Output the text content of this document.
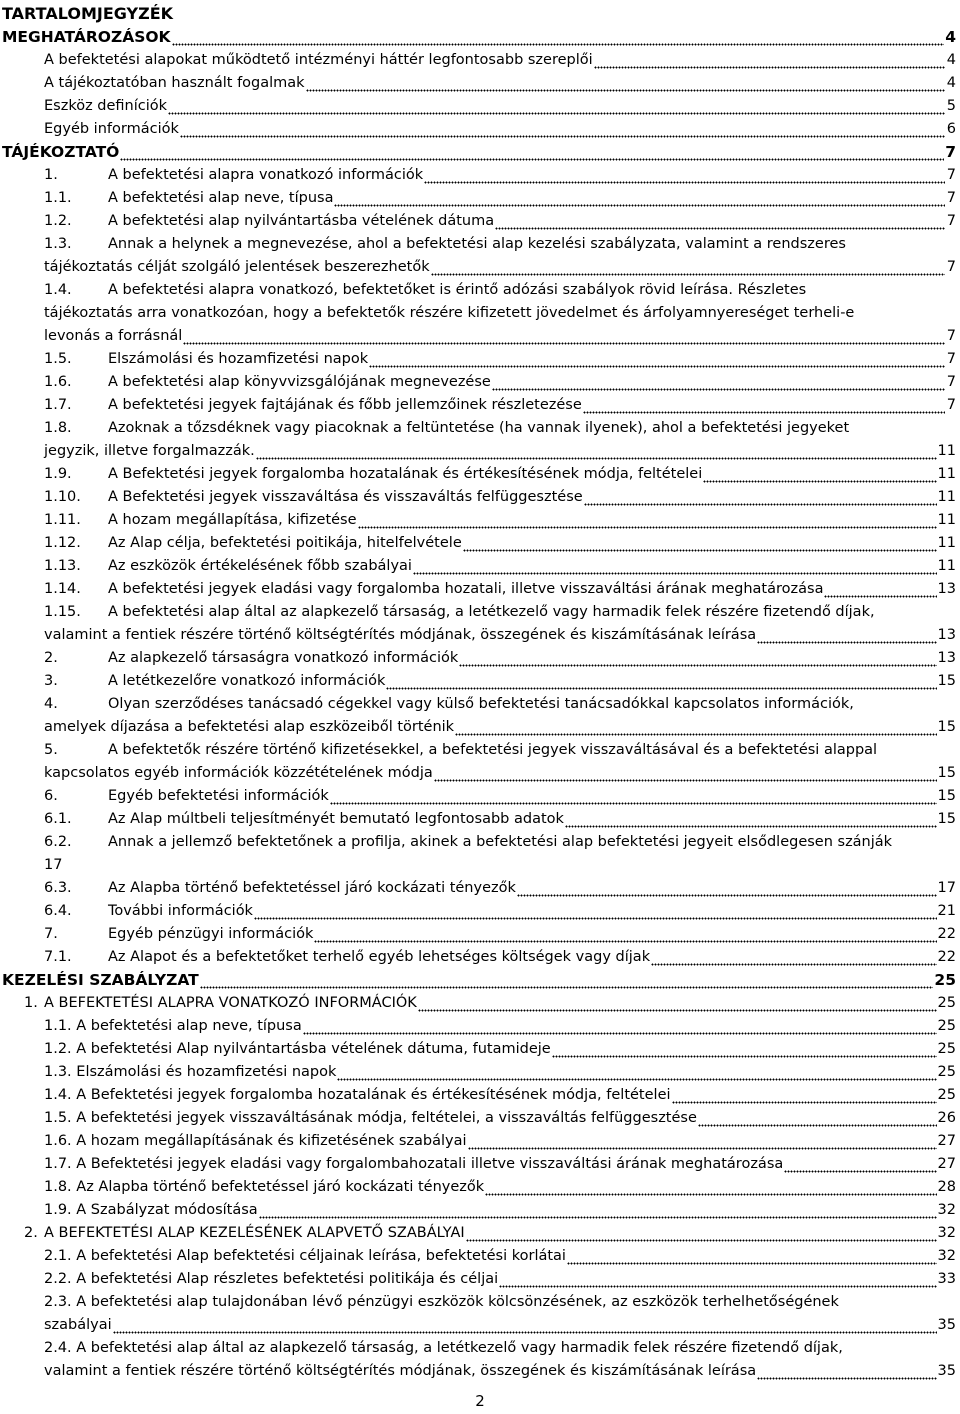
TARTALOMJEGYZÉK
MEGHATÁROZÁSOK	4
A befektetési alapokat működtető intézményi háttér legfontosabb szereplői	4
A tájékoztatóban használt fogalmak	4
Eszköz definíciók	5
Egyéb információk	6
TÁJÉKOZTATÓ	7
1.	A befektetési alapra vonatkozó információk	7
1.1.	A befektetési alap neve, típusa	7
1.2.	A befektetési alap nyilvántartásba vételének dátuma	7
1.3.	Annak a helynek a megnevezése, ahol a befektetési alap kezelési szabályzata, valamint a rendszeres
tájékoztatás célját szolgáló jelentések beszerezhetők	7
1.4.	A befektetési alapra vonatkozó, befektetőket is érintő adózási szabályok rövid leírása. Részletes
tájékoztatás arra vonatkozóan, hogy a befektetők részére kifizetett jövedelmet és árfolyamnyereséget terheli-e
levonás a forrásnál	7
1.5.	Elszámolási és hozamfizetési napok	7
1.6.	A befektetési alap könyvvizsgálójának megnevezése	7
1.7.	A befektetési jegyek fajtájának és főbb jellemzőinek részletezése	7
1.8.	Azoknak a tőzsdéknek vagy piacoknak a feltüntetése (ha vannak ilyenek), ahol a befektetési jegyeket
jegyzik, illetve forgalmazzák.	11
1.9.	A Befektetési jegyek forgalomba hozatalának és értékesítésének módja, feltételei	11
1.10.	A Befektetési jegyek visszaváltása és visszaváltás felfüggesztése	11
1.11.	A hozam megállapítása, kifizetése	11
1.12.	Az Alap célja, befektetési poitikája, hitelfelvétele	11
1.13.	Az eszközök értékelésének főbb szabályai	11
1.14.	A befektetési jegyek eladási vagy forgalomba hozatali, illetve visszaváltási árának meghatározása	13
1.15. A befektetési alap által az alapkezelő társaság, a letétkezelő vagy harmadik felek részére fizetendő díjak,
valamint a fentiek részére történő költségtérítés módjának, összegének és kiszámításának leírása	13
2.	Az alapkezelő társaságra vonatkozó információk	13
3.	A letétkezelőre vonatkozó információk	15
4.	Olyan szerződéses tanácsadó cégekkel vagy külső befektetési tanácsadókkal kapcsolatos információk,
amelyek díjazása a befektetési alap eszközeiből történik	15
5.	A befektetők részére történő kifizetésekkel, a befektetési jegyek visszaváltásával és a befektetési alappal
kapcsolatos egyéb információk közzétételének módja	15
6.	Egyéb befektetési információk	15
6.1.	Az Alap múltbeli teljesítményét bemutató legfontosabb adatok	15
6.2.	Annak a jellemző befektetőnek a profilja, akinek a befektetési alap befektetési jegyeit elsődlegesen szánják
17
6.3.	Az Alapba történő befektetéssel járó kockázati tényezők	17
6.4.	További információk	21
7.	Egyéb pénzügyi információk	22
7.1.	Az Alapot és a befektetőket terhelő egyéb lehetséges költségek vagy díjak	22
KEZELÉSI SZABÁLYZAT	25
1. A BEFEKTETÉSI ALAPRA VONATKOZÓ INFORMÁCIÓK	25
1.1. A befektetési alap neve, típusa	25
1.2. A befektetési Alap nyilvántartásba vételének dátuma, futamideje	25
1.3. Elszámolási és hozamfizetési napok	25
1.4. A Befektetési jegyek forgalomba hozatalának és értékesítésének módja, feltételei	25
1.5. A befektetési jegyek visszaváltásának módja, feltételei, a visszaváltás felfüggesztése	26
1.6. A hozam megállapításának és kifizetésének szabályai	27
1.7. A Befektetési jegyek eladási vagy forgalombahozatali illetve visszaváltási árának meghatározása	27
1.8. Az Alapba történő befektetéssel járó kockázati tényezők	28
1.9. A Szabályzat módosítása	32
2. A BEFEKTETÉSI ALAP KEZELÉSÉNEK ALAPVETŐ SZABÁLYAI	32
2.1. A befektetési Alap befektetési céljainak leírása, befektetési korlátai	32
2.2. A befektetési Alap részletes befektetési politikája és céljai	33
2.3. A befektetési alap tulajdonában lévő pénzügyi eszközök kölcsönzésének, az eszközök terhelhetőségének
szabályai	35
2.4. A befektetési alap által az alapkezelő társaság, a letétkezelő vagy harmadik felek részére fizetendő díjak,
valamint a fentiek részére történő költségtérítés módjának, összegének és kiszámításának leírása	35
2
